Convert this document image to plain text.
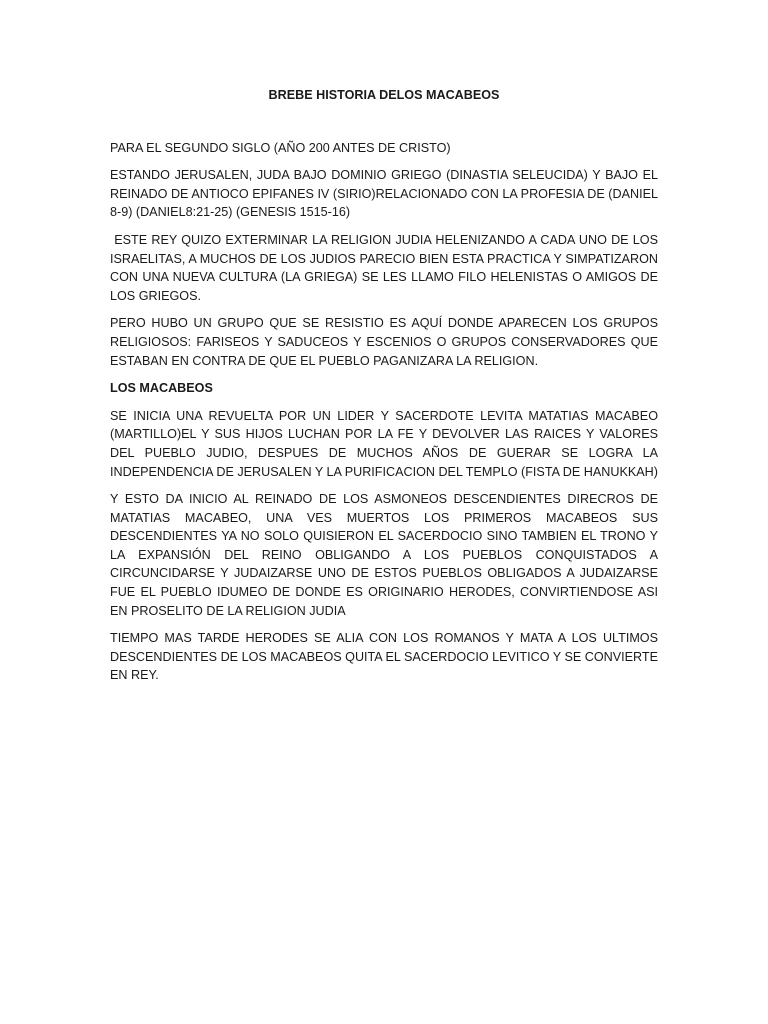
BREBE HISTORIA DELOS MACABEOS

PARA EL SEGUNDO SIGLO (AÑO 200 ANTES DE CRISTO)

ESTANDO JERUSALEN, JUDA BAJO DOMINIO GRIEGO (DINASTIA SELEUCIDA) Y BAJO EL REINADO DE ANTIOCO EPIFANES IV (SIRIO)RELACIONADO CON LA PROFESIA DE (DANIEL 8-9) (DANIEL8:21-25) (GENESIS 1515-16)

ESTE REY QUIZO EXTERMINAR LA RELIGION JUDIA HELENIZANDO A CADA UNO DE LOS ISRAELITAS, A MUCHOS DE LOS JUDIOS PARECIO BIEN ESTA PRACTICA Y SIMPATIZARON CON UNA NUEVA CULTURA (LA GRIEGA) SE LES LLAMO FILO HELENISTAS O AMIGOS DE LOS GRIEGOS.

PERO HUBO UN GRUPO QUE SE RESISTIO ES AQUÍ DONDE APARECEN LOS GRUPOS RELIGIOSOS: FARISEOS Y SADUCEOS Y ESCENIOS O GRUPOS CONSERVADORES QUE ESTABAN EN CONTRA DE QUE EL PUEBLO PAGANIZARA LA RELIGION.

LOS MACABEOS

SE INICIA UNA REVUELTA POR UN LIDER Y SACERDOTE LEVITA MATATIAS MACABEO (MARTILLO)EL Y SUS HIJOS LUCHAN POR LA FE Y DEVOLVER LAS RAICES Y VALORES DEL PUEBLO JUDIO, DESPUES DE MUCHOS AÑOS DE GUERAR SE LOGRA LA INDEPENDENCIA DE JERUSALEN Y LA PURIFICACION DEL TEMPLO (FISTA DE HANUKKAH)

Y ESTO DA INICIO AL REINADO DE LOS ASMONEOS DESCENDIENTES DIRECROS DE MATATIAS MACABEO, UNA VES MUERTOS LOS PRIMEROS MACABEOS SUS DESCENDIENTES YA NO SOLO QUISIERON EL SACERDOCIO SINO TAMBIEN EL TRONO Y LA EXPANSIÓN DEL REINO OBLIGANDO A LOS PUEBLOS CONQUISTADOS A CIRCUNCIDARSE Y JUDAIZARSE UNO DE ESTOS PUEBLOS OBLIGADOS A JUDAIZARSE FUE EL PUEBLO IDUMEO DE DONDE ES ORIGINARIO HERODES, CONVIRTIENDOSE ASI EN PROSELITO DE LA RELIGION JUDIA

TIEMPO MAS TARDE HERODES SE ALIA CON LOS ROMANOS Y MATA A LOS ULTIMOS DESCENDIENTES DE LOS MACABEOS QUITA EL SACERDOCIO LEVITICO Y SE CONVIERTE EN REY.
